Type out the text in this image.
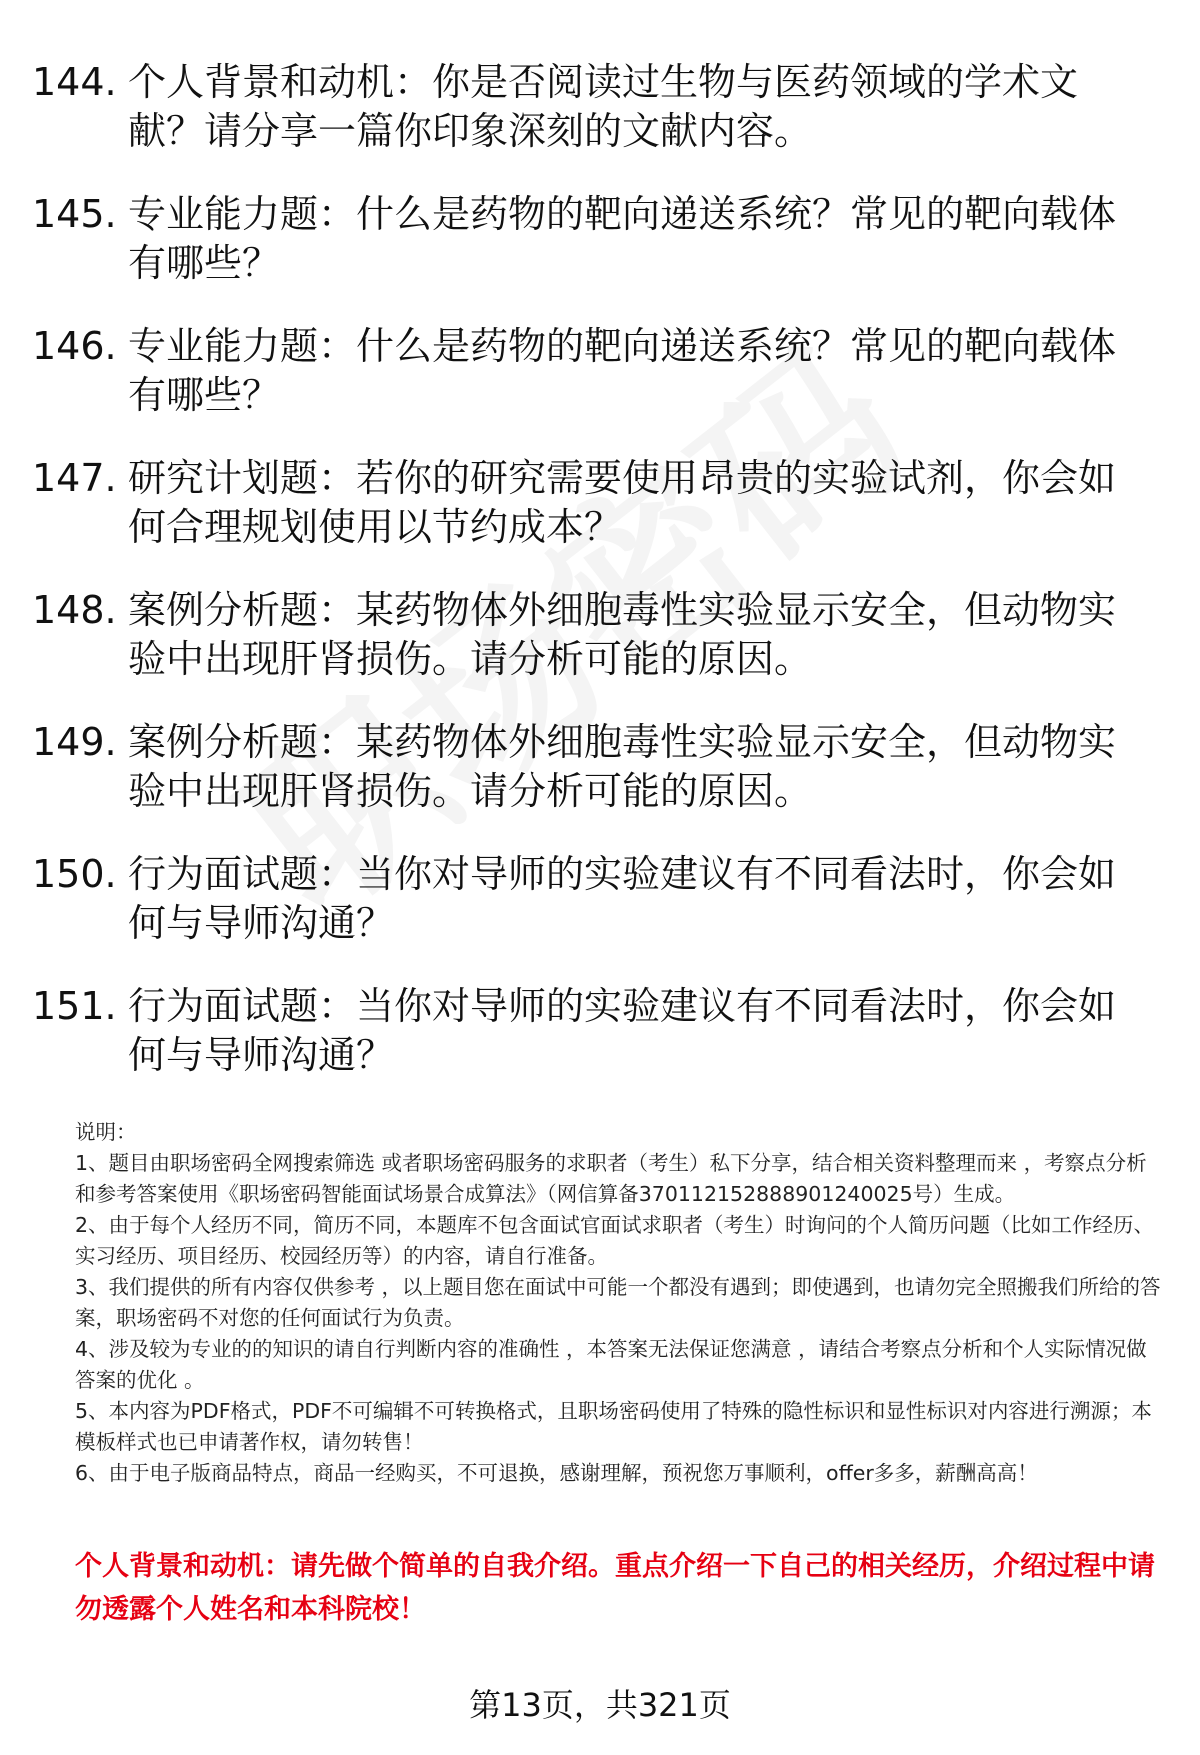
144. 个人背景和动机：你是否阅读过生物与医药领域的学术文献？请分享一篇你印象深刻的文献内容。
145. 专业能力题：什么是药物的靶向递送系统？常见的靶向载体有哪些？
146. 专业能力题：什么是药物的靶向递送系统？常见的靶向载体有哪些？
147. 研究计划题：若你的研究需要使用昂贵的实验试剂，你会如何合理规划使用以节约成本？
148. 案例分析题：某药物体外细胞毒性实验显示安全，但动物实验中出现肝肾损伤。请分析可能的原因。
149. 案例分析题：某药物体外细胞毒性实验显示安全，但动物实验中出现肝肾损伤。请分析可能的原因。
150. 行为面试题：当你对导师的实验建议有不同看法时，你会如何与导师沟通？
151. 行为面试题：当你对导师的实验建议有不同看法时，你会如何与导师沟通？

说明：

1、题目由职场密码全网搜索筛选 或者职场密码服务的求职者（考生）私下分享，结合相关资料整理而来 ，考察点分析和参考答案使用《职场密码智能面试场景合成算法》（网信算备370112152888901240025号）生成。

2、由于每个人经历不同，简历不同，本题库不包含面试官面试求职者（考生）时询问的个人简历问题（比如工作经历、实习经历、项目经历、校园经历等）的内容，请自行准备。

3、我们提供的所有内容仅供参考 ，以上题目您在面试中可能一个都没有遇到；即使遇到，也请勿完全照搬我们所给的答案，职场密码不对您的任何面试行为负责。

4、涉及较为专业的的知识的请自行判断内容的准确性 ，本答案无法保证您满意 ，请结合考察点分析和个人实际情况做答案的优化 。

5、本内容为PDF格式，PDF不可编辑不可转换格式，且职场密码使用了特殊的隐性标识和显性标识对内容进行溯源；本模板样式也已申请著作权，请勿转售！

6、由于电子版商品特点，商品一经购买，不可退换，感谢理解，预祝您万事顺利，offer多多，薪酬高高！

个人背景和动机：请先做个简单的自我介绍。重点介绍一下自己的相关经历，介绍过程中请勿透露个人姓名和本科院校！
第13页，共321页
